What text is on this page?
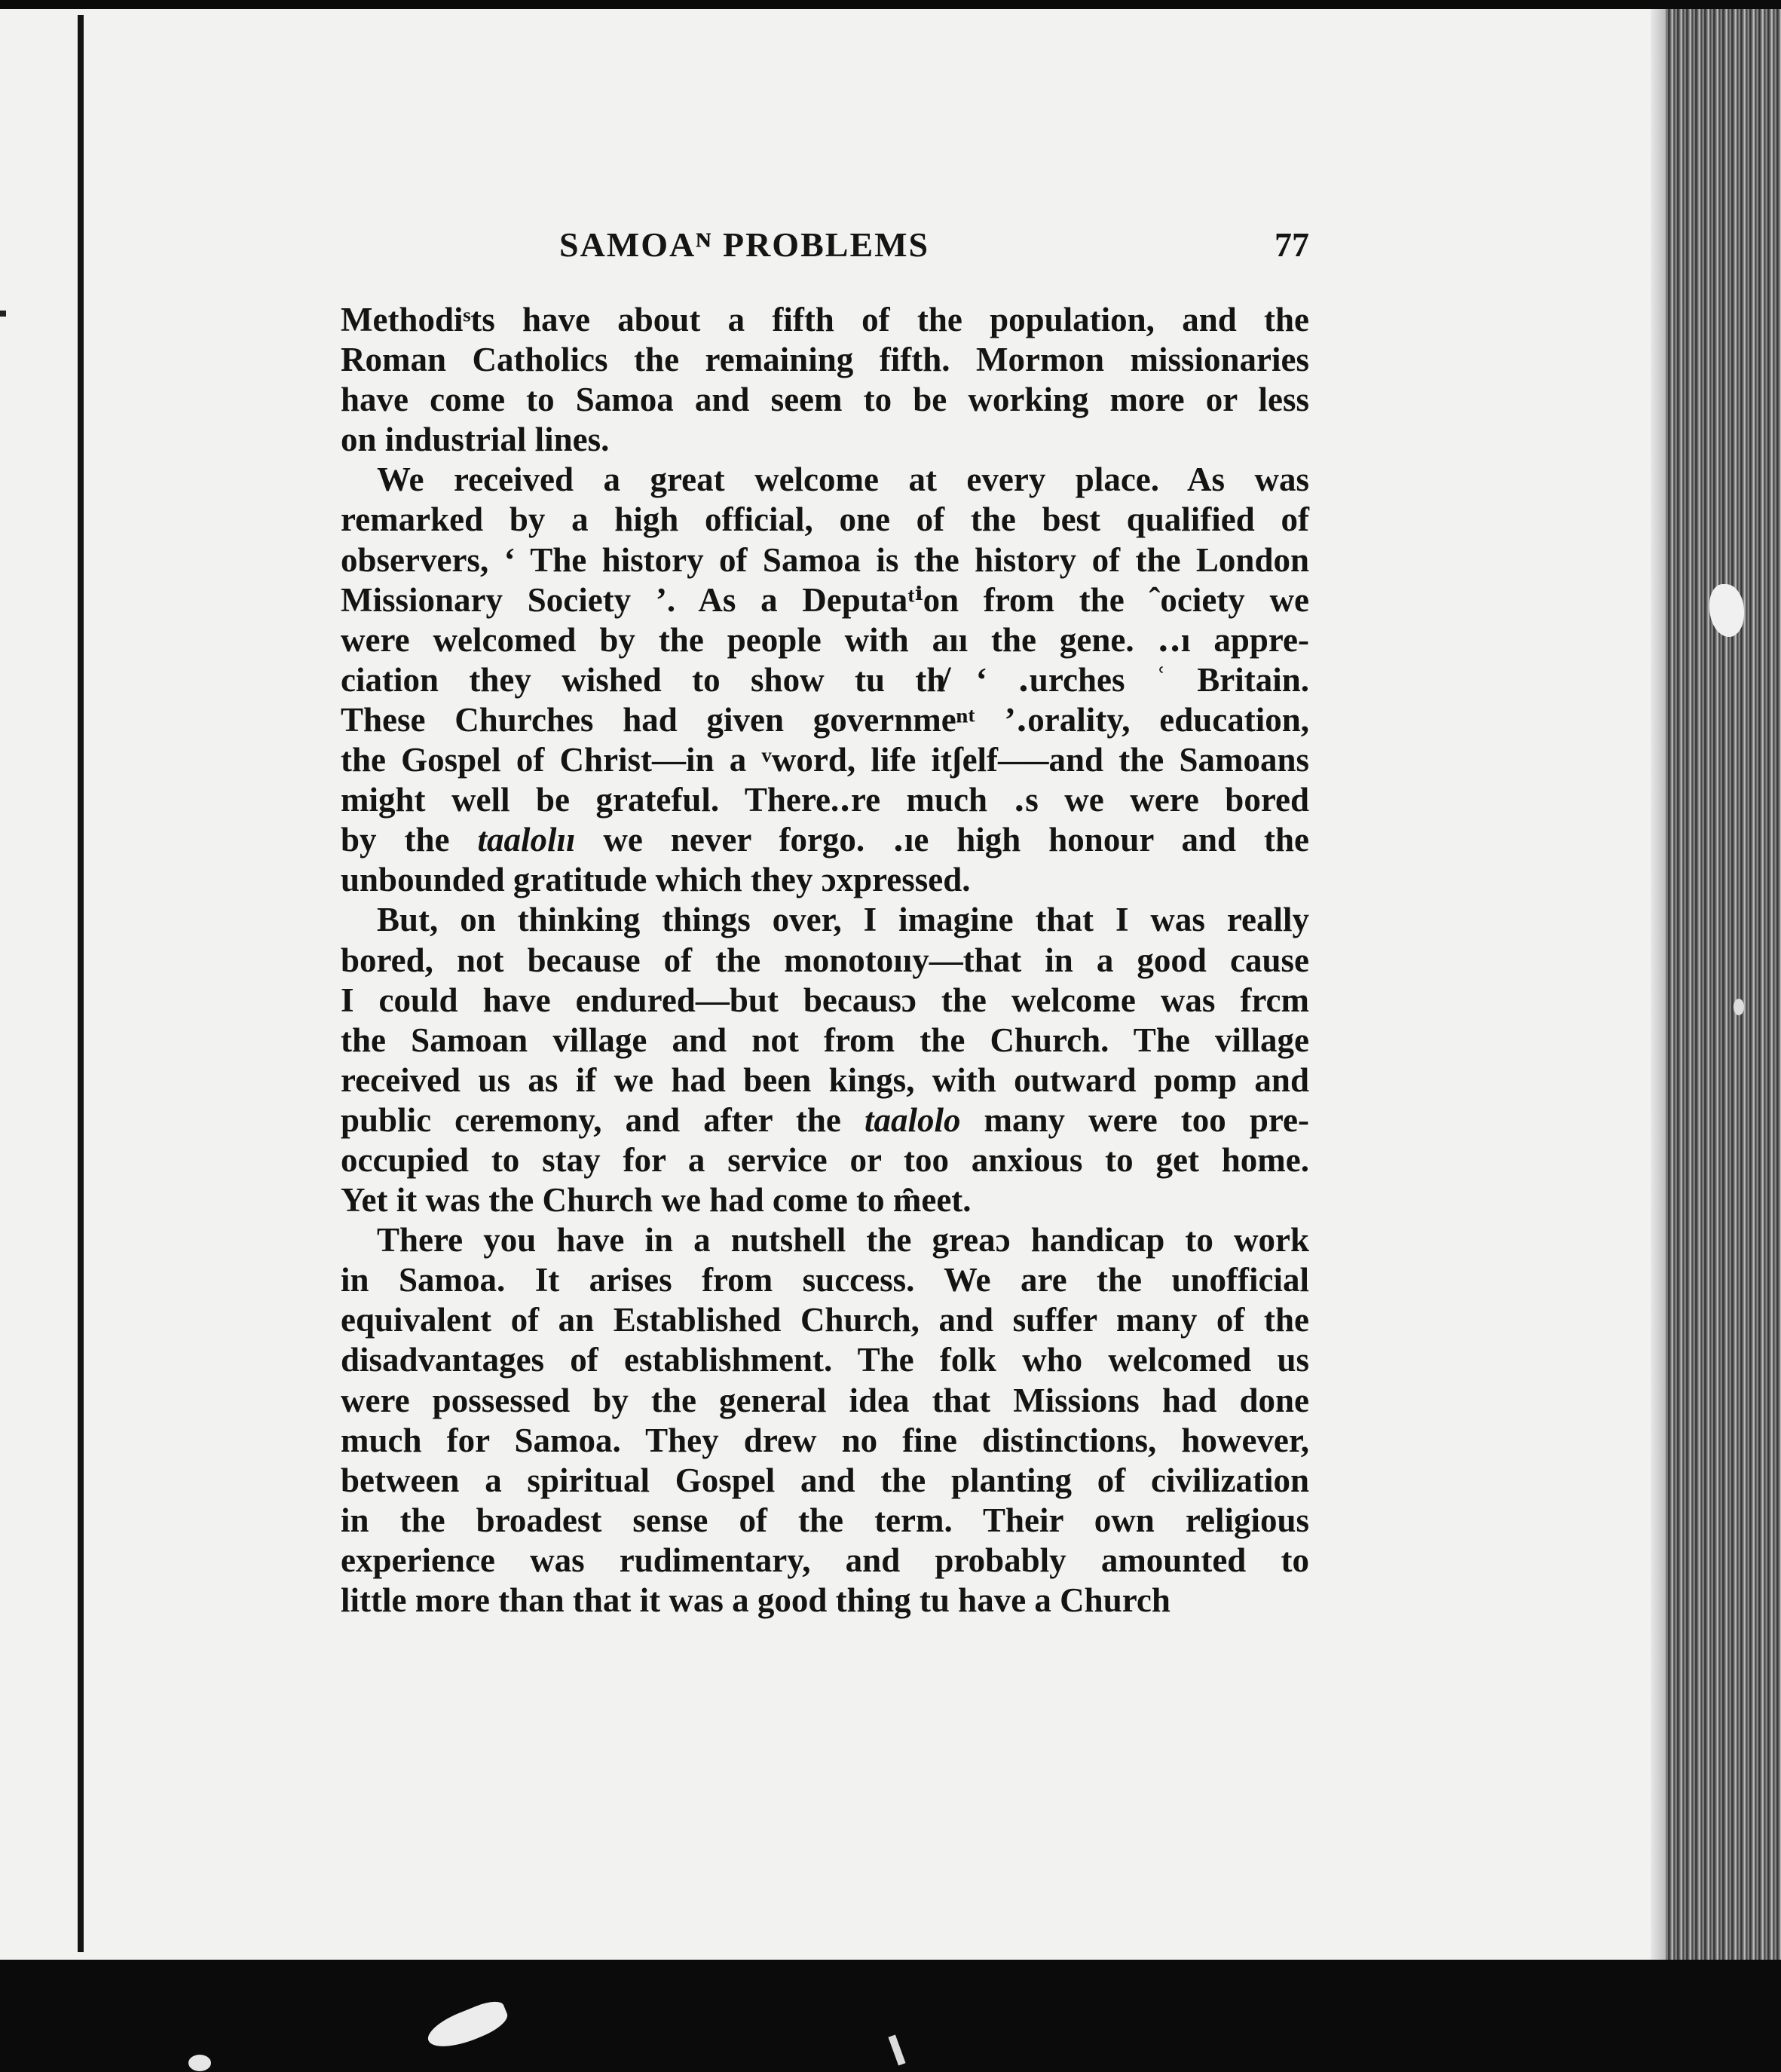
SAMOAᴺ PROBLEMS	77
Methodiˢts have about a fifth of the population, and the
Roman Catholics the remaining fifth. Mormon missionaries
have come to Samoa and seem to be working more or less
on industrial lines.
We received a great welcome at every place. As was
remarked by a high official, one of the best qualified of
observers, ‘ The history of Samoa is the history of the London
Missionary Society ’. As a Deputaᵗⁱon from the ˆociety we
were welcomed by the people with aıı the gene. ․․ı appre-
ciation they wished to show tu th̸ ‘ ․urches ʿ Britain.
These Churches had given governmeⁿᵗ ’․orality, education,
the Gospel of Christ—in a ᵛword, life itʃelf—‒and the Samoans
might well be grateful. There.․re much ․s we were bored
by the taalolıı we never forgo. ․ıe high honour and the
unbounded gratitude which they ɔxpressed.
But, on thinking things over, I imagine that I was really
bored, not because of the monotoııy—that in a good cause
I could have endured—but becausɔ the welcome was frcm
the Samoan village and not from the Church. The village
received us as if we had been kings, with outward pomp and
public ceremony, and after the taalolo many were too pre-
occupied to stay for a service or too anxious to get home.
Yet it was the Church we had come to m̑eet.
There you have in a nutshell the greaɔ handicap to work
in Samoa. It arises from success. We are the unofficial
equivalent of an Established Church, and suffer many of the
disadvantages of establishment. The folk who welcomed us
were possessed by the general idea that Missions had done
much for Samoa. They drew no fine distinctions, however,
between a spiritual Gospel and the planting of civilization
in the broadest sense of the term. Their own religious
experience was rudimentary, and probably amounted to
little more than that it was a good thing tu have a Church
